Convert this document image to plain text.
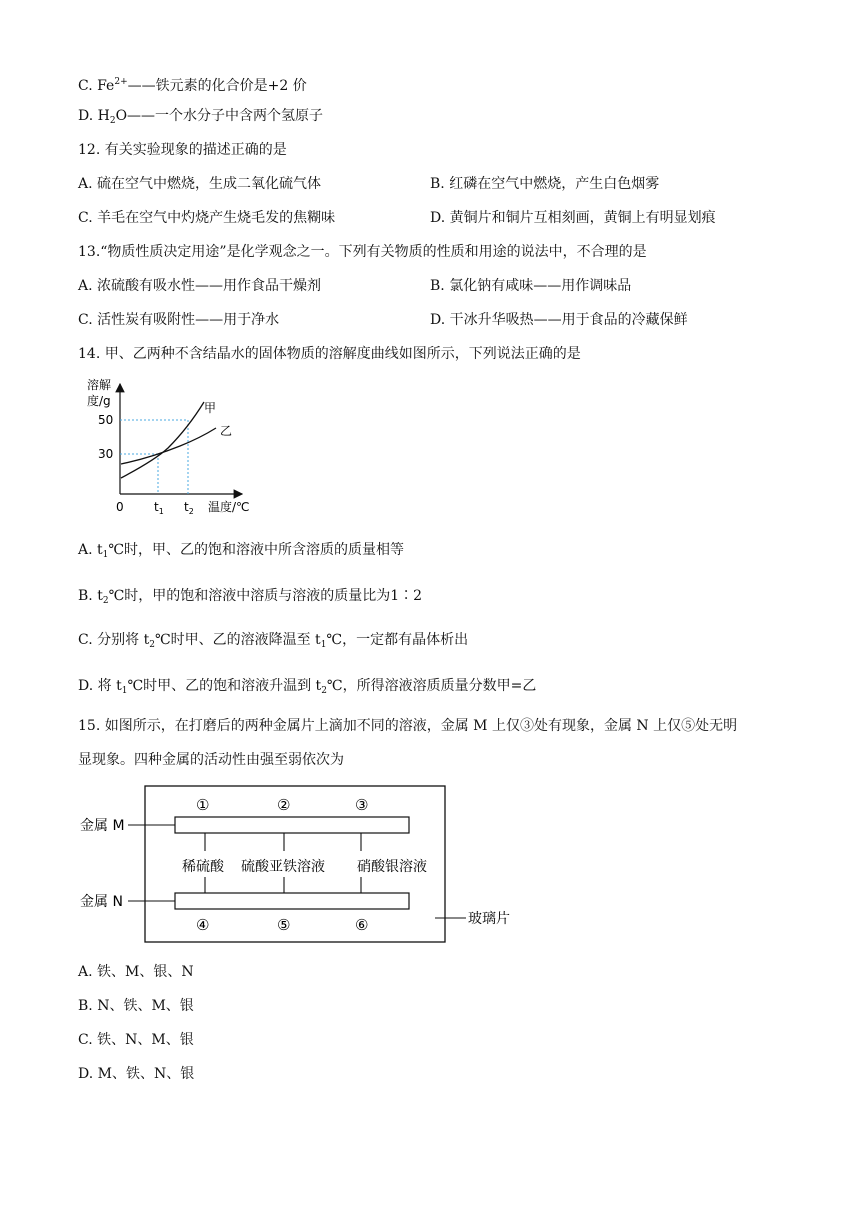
C. $Fe^{2+}——$铁元素的化合价是+2 价
D. $H_2O——$一个水分子中含两个氢原子
12. 有关实验现象的描述正确的是
A. 硫在空气中燃烧，生成二氧化硫气体	B. 红磷在空气中燃烧，产生白色烟雾
C. 羊毛在空气中灼烧产生烧毛发的焦糊味	D. 黄铜片和铜片互相刻画，黄铜上有明显划痕
13.“物质性质决定用途”是化学观念之一。下列有关物质的性质和用途的说法中，不合理的是
A. 浓硫酸有吸水性——用作食品干燥剂	B. 氯化钠有咸味——用作调味品
C. 活性炭有吸附性——用于净水	D. 干冰升华吸热——用于食品的冷藏保鲜
14. 甲、乙两种不含结晶水的固体物质的溶解度曲线如图所示，下列说法正确的是
溶解
度/g
50
30
0	$t_1$ $t_2$ 温度/℃
甲
乙
A. $t_1℃$时，甲、乙的饱和溶液中所含溶质的质量相等
B. $t_2℃$时，甲的饱和溶液中溶质与溶液的质量比为1∶2
C. 分别将 $t_2℃$时甲、乙的溶液降温至 $t_1℃$，一定都有晶体析出
D. 将 $t_1℃$时甲、乙的饱和溶液升温到 $t_2℃$，所得溶液溶质质量分数甲=乙
15. 如图所示，在打磨后的两种金属片上滴加不同的溶液，金属 M 上仅③处有现象，金属 N 上仅⑤处无明
显现象。四种金属的活动性由强至弱依次为
金属 M
金属 N
①	②	③
稀硫酸 硫酸亚铁溶液 硝酸银溶液
④	⑤	⑥	玻璃片
A. 铁、M、银、N
B. N、铁、M、银
C. 铁、N、M、银
D. M、铁、N、银
